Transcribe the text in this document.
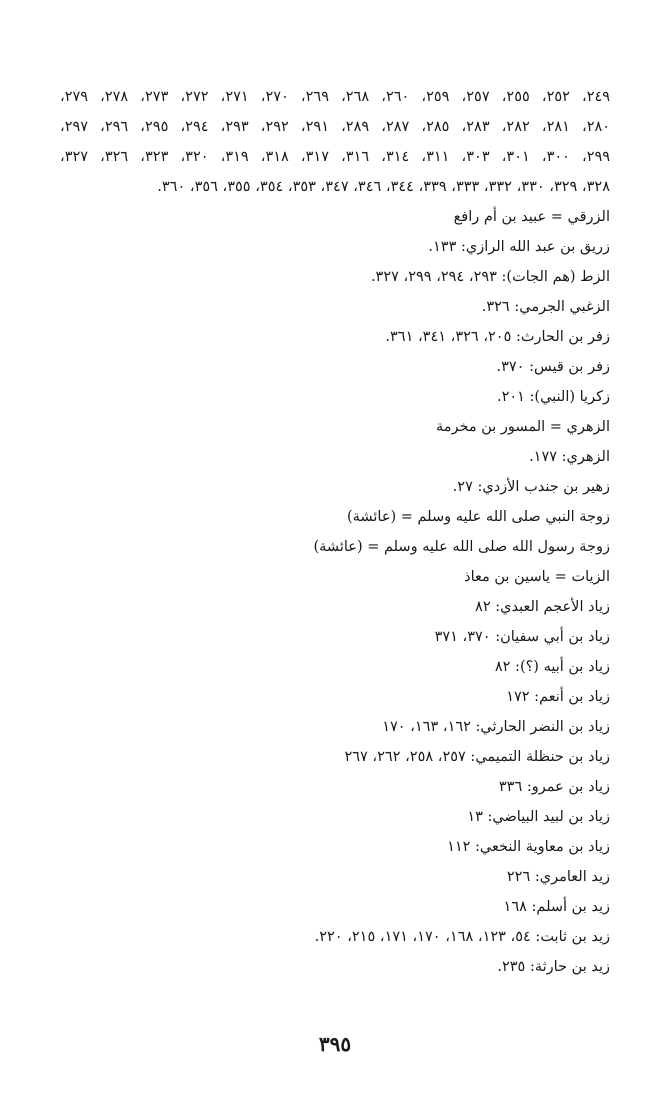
٢٤٩، ٢٥٢، ٢٥٥، ٢٥٧، ٢٥٩، ٢٦٠، ٢٦٨، ٢٦٩، ٢٧٠، ٢٧١، ٢٧٢، ٢٧٣، ٢٧٨، ٢٧٩،
٢٨٠، ٢٨١، ٢٨٢، ٢٨٣، ٢٨٥، ٢٨٧، ٢٨٩، ٢٩١، ٢٩٢، ٢٩٣، ٢٩٤، ٢٩٥، ٢٩٦، ٢٩٧،
٢٩٩، ٣٠٠، ٣٠١، ٣٠٣، ٣١١، ٣١٤، ٣١٦، ٣١٧، ٣١٨، ٣١٩، ٣٢٠، ٣٢٣، ٣٢٦، ٣٢٧،
٣٢٨، ٣٢٩، ٣٣٠، ٣٣٢، ٣٣٣، ٣٣٩، ٣٤٤، ٣٤٦، ٣٤٧، ٣٥٣، ٣٥٤، ٣٥٥، ٣٥٦، ٣٦٠.
الزرقي = عبيد بن أم رافع
زريق بن عبد الله الرازي: ١٣٣.
الزط (هم الجات): ٢٩٣، ٢٩٤، ٢٩٩، ٣٢٧.
الزغبي الجرمي: ٣٢٦.
زفر بن الحارث: ٢٠٥، ٣٢٦، ٣٤١، ٣٦١.
زفر بن قيس: ٣٧٠.
زكريا (النبي): ٢٠١.
الزهري = المسور بن مخرمة
الزهري: ١٧٧.
زهير بن جندب الأزدي: ٢٧.
زوجة النبي صلى الله عليه وسلم = (عائشة)
زوجة رسول الله صلى الله عليه وسلم = (عائشة)
الزيات = ياسين بن معاذ
زياد الأعجم العبدي: ٨٢
زياد بن أبي سفيان: ٣٧٠، ٣٧١
زياد بن أبيه (؟): ٨٢
زياد بن أنعم: ١٧٢
زياد بن النضر الحارثي: ١٦٢، ١٦٣، ١٧٠
زياد بن حنظلة التميمي: ٢٥٧، ٢٥٨، ٢٦٢، ٢٦٧
زياد بن عمرو: ٣٣٦
زياد بن لبيد البياضي: ١٣
زياد بن معاوية النخعي: ١١٢
زيد العامري: ٢٢٦
زيد بن أسلم: ١٦٨
زيد بن ثابت: ٥٤، ١٢٣، ١٦٨، ١٧٠، ١٧١، ٢١٥، ٢٢٠.
زيد بن حارثة: ٢٣٥.
٣٩٥
